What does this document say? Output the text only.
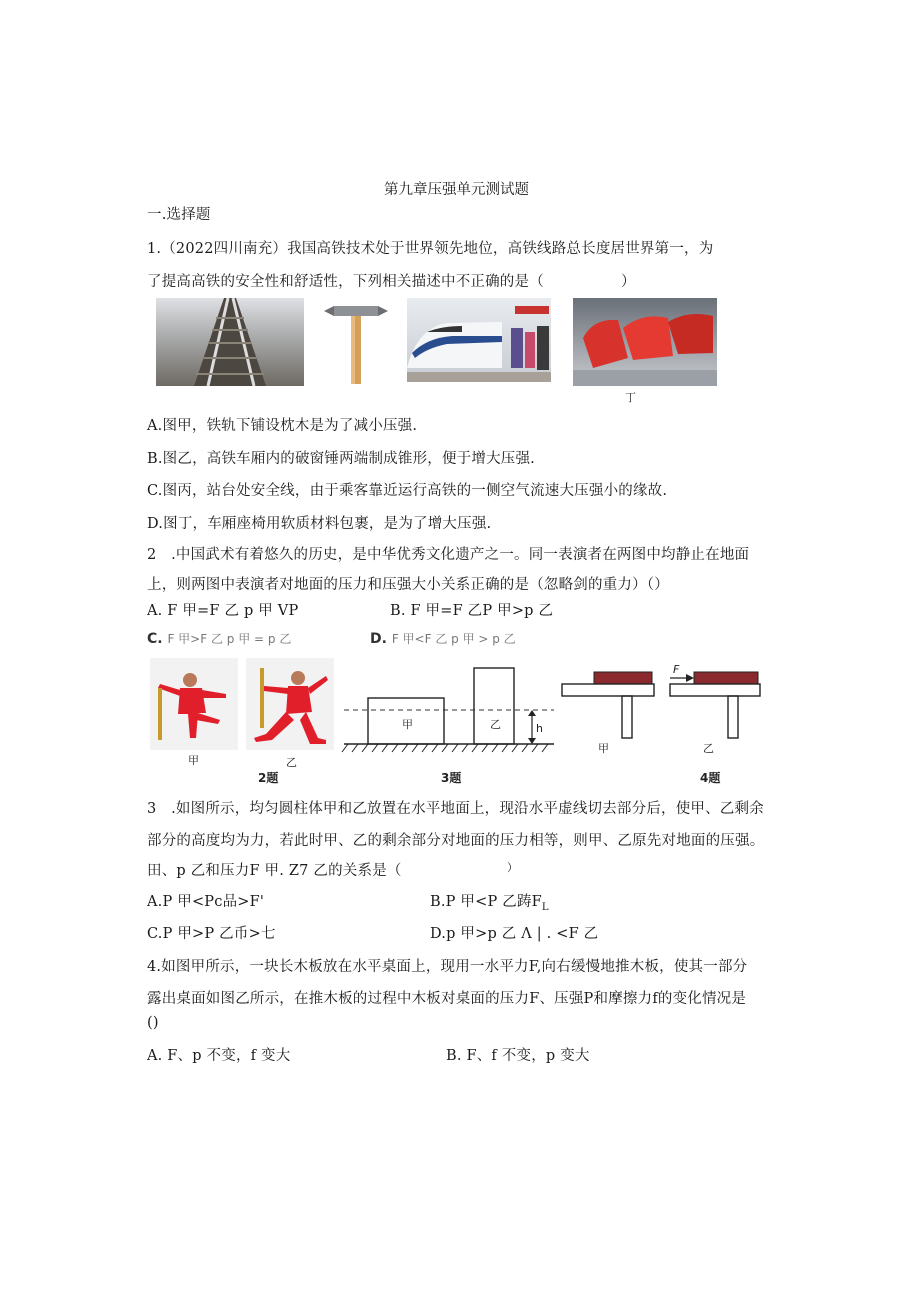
第九章压强单元测试题
一.选择题
1.（2022四川南充）我国高铁技术处于世界领先地位，高铁线路总长度居世界第一，为
了提高高铁的安全性和舒适性，下列相关描述中不正确的是（	）
丁
A.图甲，铁轨下铺设枕木是为了减小压强.
B.图乙，高铁车厢内的破窗锤两端制成锥形，便于增大压强.
C.图丙，站台处安全线，由于乘客靠近运行高铁的一侧空气流速大压强小的缘故.
D.图丁，车厢座椅用软质材料包裹，是为了增大压强.
2　.中国武术有着悠久的历史，是中华优秀文化遗产之一。同一表演者在两图中均静止在地面
上，则两图中表演者对地面的压力和压强大小关系正确的是（忽略剑的重力）（）
A. F 甲=F 乙 p 甲 VP	B. F 甲=F 乙P 甲>p 乙
C. F 甲>F 乙 p 甲 = p 乙	D. F 甲<F 乙 p 甲 > p 乙
甲	乙
2题
甲	乙	h
3题
F
甲	乙
4题
3　.如图所示，均匀圆柱体甲和乙放置在水平地面上，现沿水平虚线切去部分后，使甲、乙剩余
部分的高度均为力，若此时甲、乙的剩余部分对地面的压力相等，则甲、乙原先对地面的压强。
田、p 乙和压力F 甲. Z7 乙的关系是（	）
A.P 甲<Pᴄ品>F'	B.P 甲<P 乙踌$F_L$
C.P 甲>P 乙币>七	D.p 甲>p 乙 Λ | . <F 乙
4.如图甲所示，一块长木板放在水平桌面上，现用一水平力F,向右缓慢地推木板，使其一部分
露出桌面如图乙所示，在推木板的过程中木板对桌面的压力F、压强P和摩擦力f的变化情况是
()
A. F、p 不变，f 变大	B. F、f 不变，p 变大
